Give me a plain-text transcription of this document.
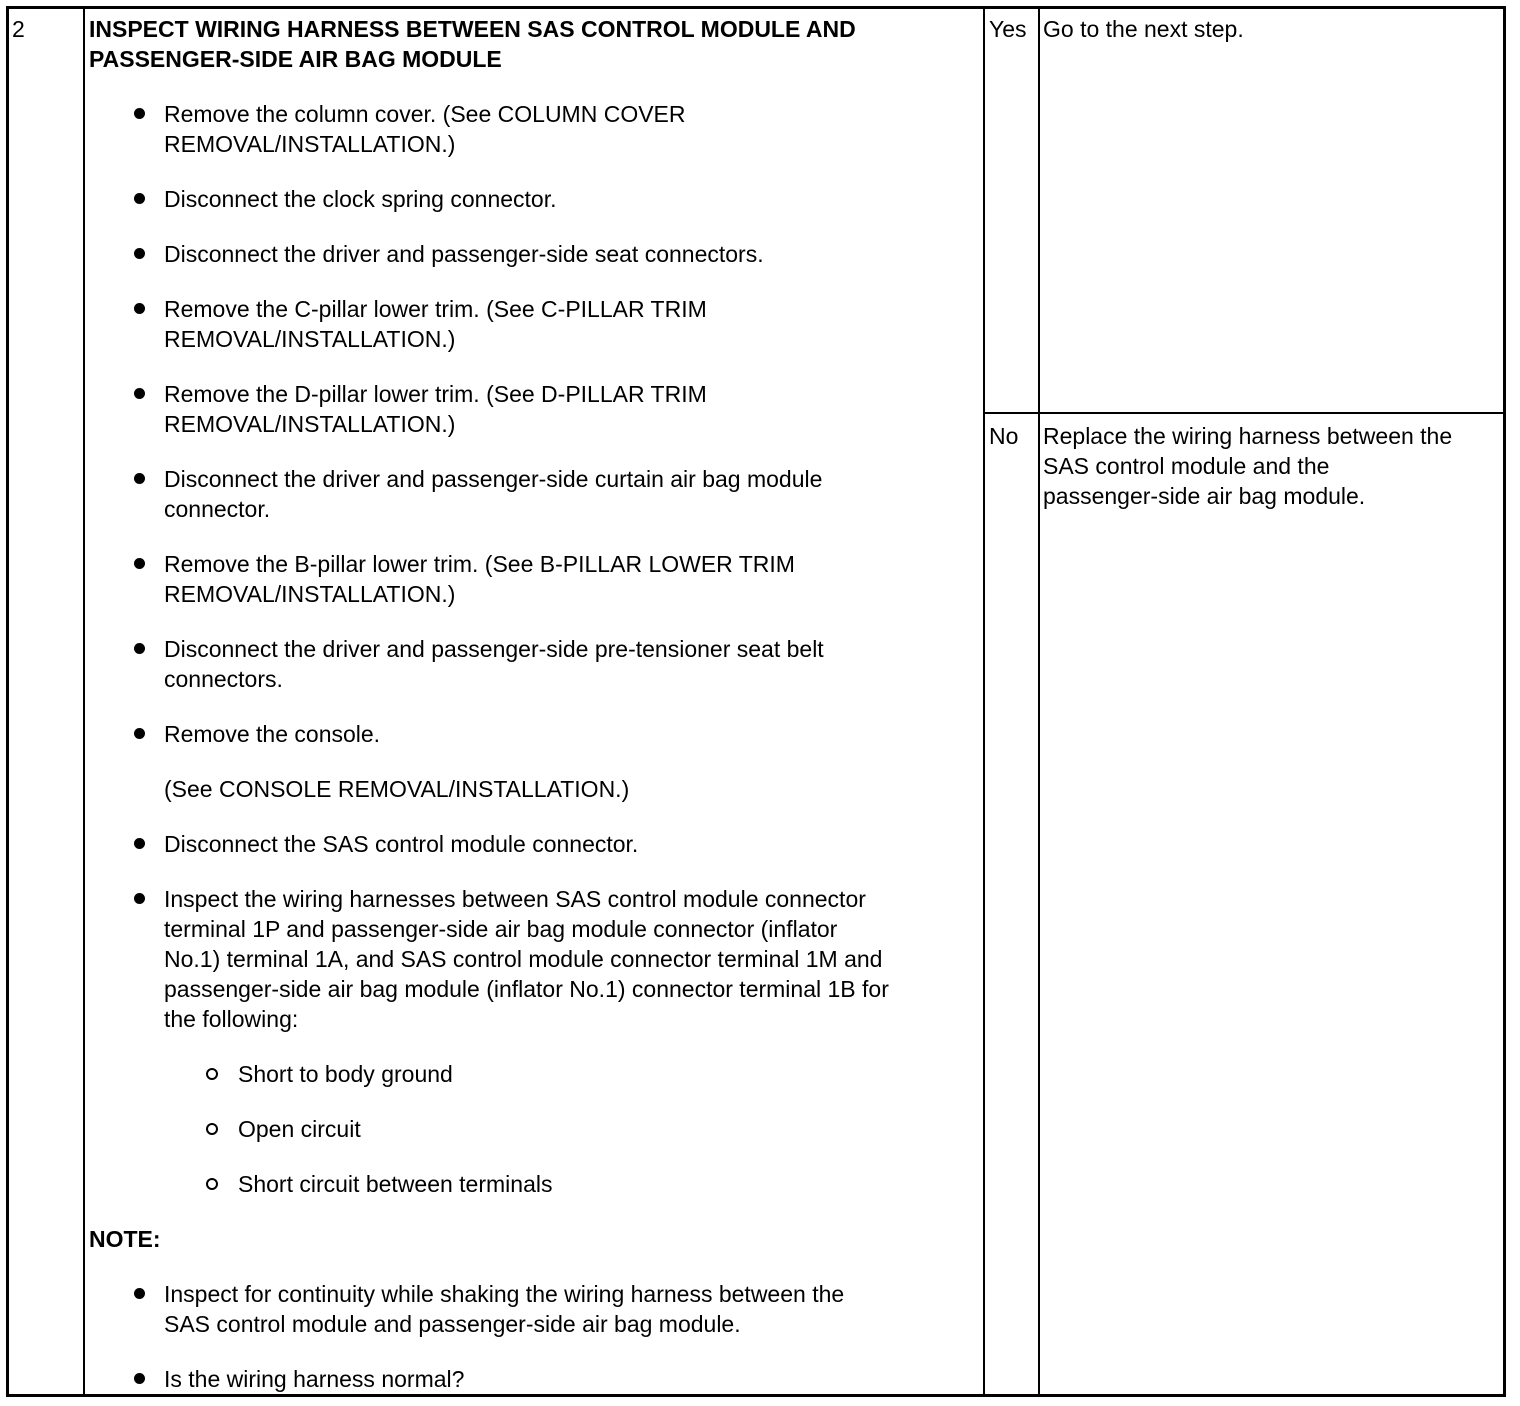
2	INSPECT WIRING HARNESS BETWEEN SAS CONTROL MODULE AND
PASSENGER-SIDE AIR BAG MODULE
Remove the column cover. (See COLUMN COVER
REMOVAL/INSTALLATION.)
Disconnect the clock spring connector.
Disconnect the driver and passenger-side seat connectors.
Remove the C-pillar lower trim. (See C-PILLAR TRIM
REMOVAL/INSTALLATION.)
Remove the D-pillar lower trim. (See D-PILLAR TRIM
REMOVAL/INSTALLATION.)
Disconnect the driver and passenger-side curtain air bag module
connector.
Remove the B-pillar lower trim. (See B-PILLAR LOWER TRIM
REMOVAL/INSTALLATION.)
Disconnect the driver and passenger-side pre-tensioner seat belt
connectors.
Remove the console.
(See CONSOLE REMOVAL/INSTALLATION.)
Disconnect the SAS control module connector.
Inspect the wiring harnesses between SAS control module connector
terminal 1P and passenger-side air bag module connector (inflator
No.1) terminal 1A, and SAS control module connector terminal 1M and
passenger-side air bag module (inflator No.1) connector terminal 1B for
the following:
Short to body ground
Open circuit
Short circuit between terminals
NOTE:
Inspect for continuity while shaking the wiring harness between the
SAS control module and passenger-side air bag module.
Is the wiring harness normal?
Yes Go to the next step.
No Replace the wiring harness between the
SAS control module and the
passenger-side air bag module.
